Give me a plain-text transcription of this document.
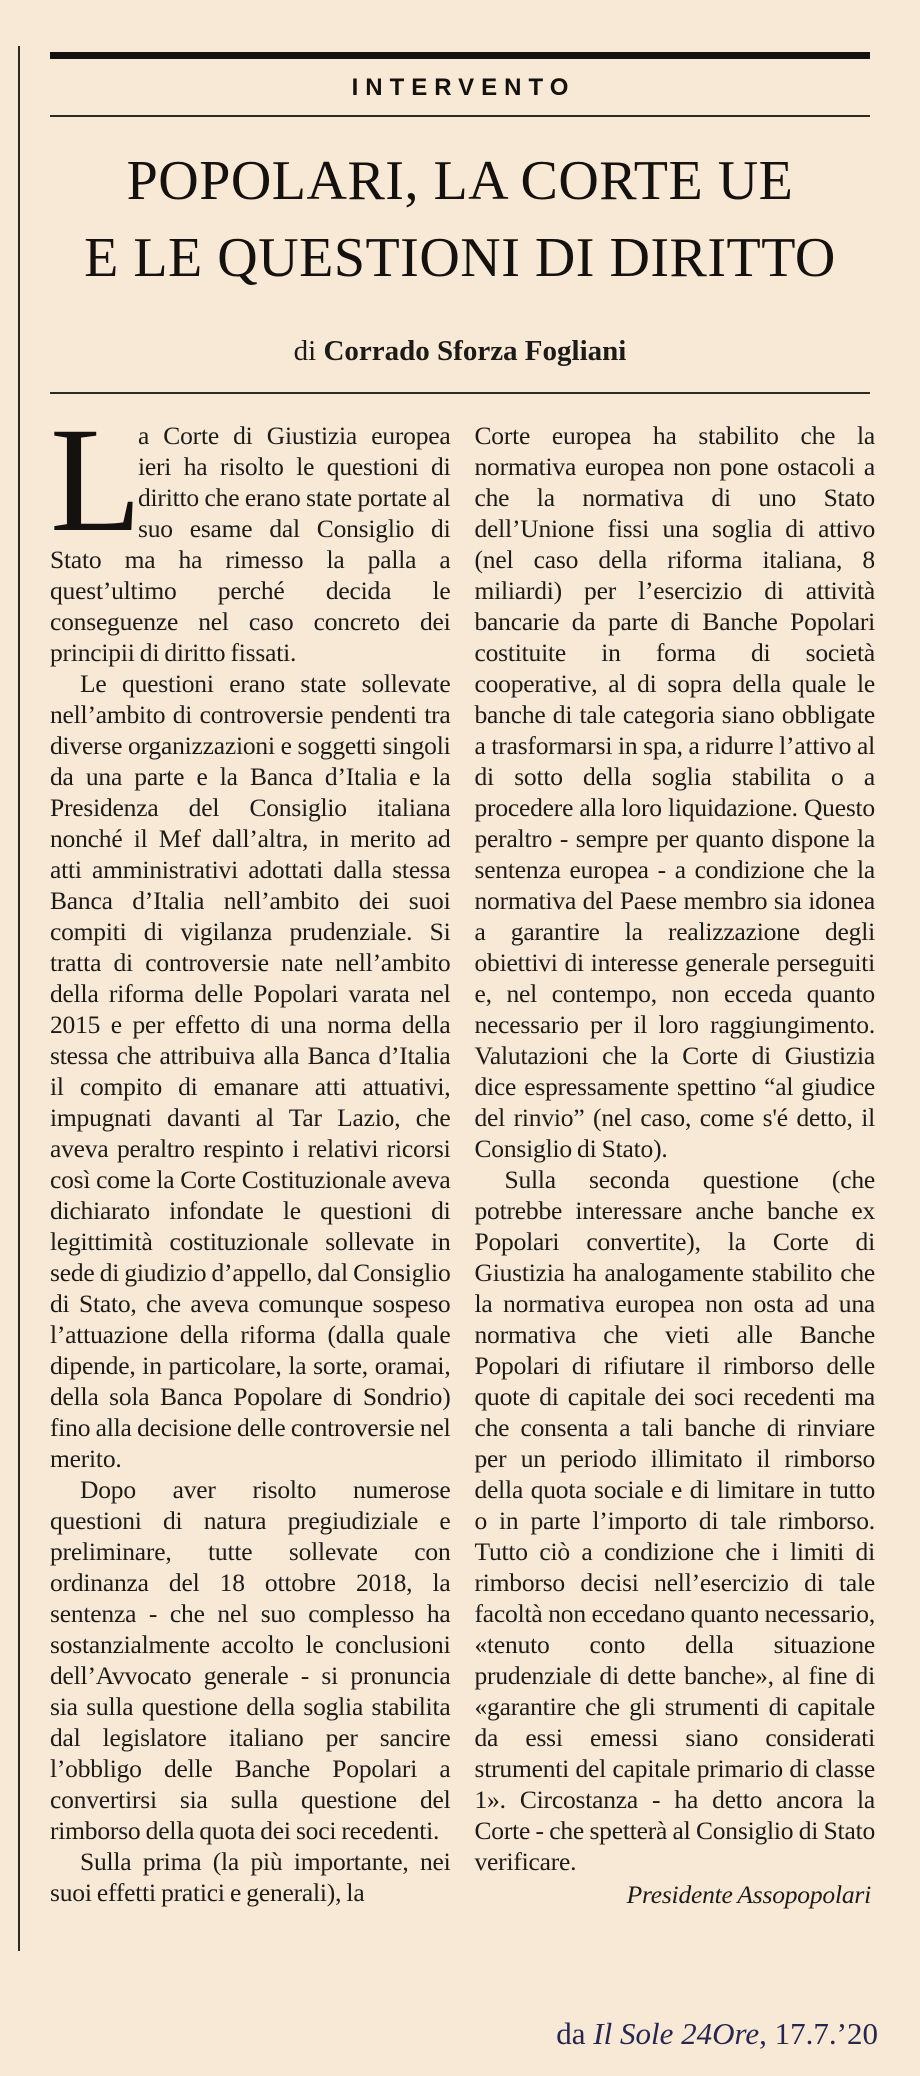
INTERVENTO
POPOLARI, LA CORTE UE
E LE QUESTIONI DI DIRITTO

di Corrado Sforza Fogliani

L
a Corte di Giustizia europea ieri ha risolto le questioni di diritto che erano state portate al suo esame dal Consiglio di Stato ma ha rimesso la palla a quest’ultimo perché decida le conseguenze nel caso concreto dei principii di diritto fissati.

Le questioni erano state sollevate nell’ambito di controversie pendenti tra diverse organizzazioni e soggetti singoli da una parte e la Banca d’Italia e la Presidenza del Consiglio italiana nonché il Mef dall’altra, in merito ad atti amministrativi adottati dalla stessa Banca d’Italia nell’ambito dei suoi compiti di vigilanza prudenziale. Si tratta di controversie nate nell’ambito della riforma delle Popolari varata nel 2015 e per effetto di una norma della stessa che attribuiva alla Banca d’Italia il compito di emanare atti attuativi, impugnati davanti al Tar Lazio, che aveva peraltro respinto i relativi ricorsi così come la Corte Costituzionale aveva dichiarato infondate le questioni di legittimità costituzionale sollevate in sede di giudizio d’appello, dal Consiglio di Stato, che aveva comunque sospeso l’attuazione della riforma (dalla quale dipende, in particolare, la sorte, oramai, della sola Banca Popolare di Sondrio) fino alla decisione delle controversie nel merito.

Dopo aver risolto numerose questioni di natura pregiudiziale e preliminare, tutte sollevate con ordinanza del 18 ottobre 2018, la sentenza - che nel suo complesso ha sostanzialmente accolto le conclusioni dell’Avvocato generale - si pronuncia sia sulla questione della soglia stabilita dal legislatore italiano per sancire l’obbligo delle Banche Popolari a convertirsi sia sulla questione del rimborso della quota dei soci recedenti.

Sulla prima (la più importante, nei suoi effetti pratici e generali), la

Corte europea ha stabilito che la normativa europea non pone ostacoli a che la normativa di uno Stato dell’Unione fissi una soglia di attivo (nel caso della riforma italiana, 8 miliardi) per l’esercizio di attività bancarie da parte di Banche Popolari costituite in forma di società cooperative, al di sopra della quale le banche di tale categoria siano obbligate a trasformarsi in spa, a ridurre l’attivo al di sotto della soglia stabilita o a procedere alla loro liquidazione. Questo peraltro - sempre per quanto dispone la sentenza europea - a condizione che la normativa del Paese membro sia idonea a garantire la realizzazione degli obiettivi di interesse generale perseguiti e, nel contempo, non ecceda quanto necessario per il loro raggiungimento. Valutazioni che la Corte di Giustizia dice espressamente spettino “al giudice del rinvio” (nel caso, come s'é detto, il Consiglio di Stato).

Sulla seconda questione (che potrebbe interessare anche banche ex Popolari convertite), la Corte di Giustizia ha analogamente stabilito che la normativa europea non osta ad una normativa che vieti alle Banche Popolari di rifiutare il rimborso delle quote di capitale dei soci recedenti ma che consenta a tali banche di rinviare per un periodo illimitato il rimborso della quota sociale e di limitare in tutto o in parte l’importo di tale rimborso. Tutto ciò a condizione che i limiti di rimborso decisi nell’esercizio di tale facoltà non eccedano quanto necessario, «tenuto conto della situazione prudenziale di dette banche», al fine di «garantire che gli strumenti di capitale da essi emessi siano considerati strumenti del capitale primario di classe 1». Circostanza - ha detto ancora la Corte - che spetterà al Consiglio di Stato verificare.

Presidente Assopopolari

da Il Sole 24Ore, 17.7.’20
